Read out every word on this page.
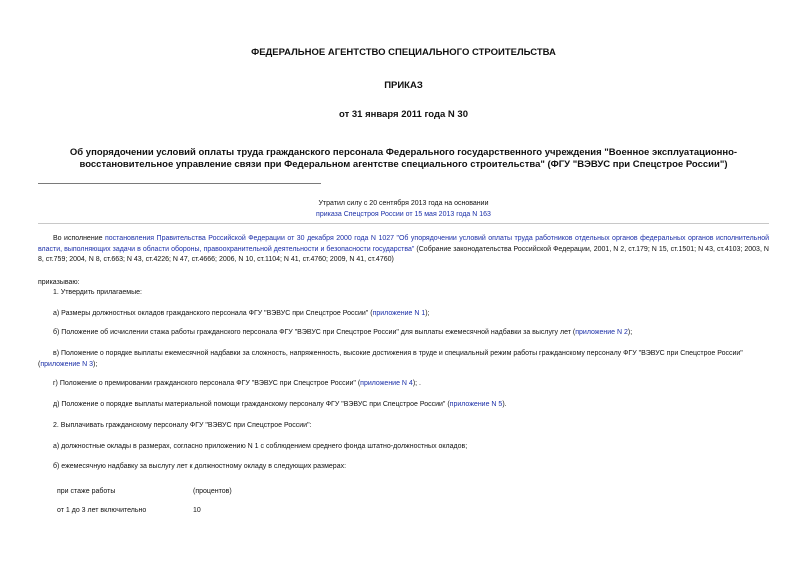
ФЕДЕРАЛЬНОЕ АГЕНТСТВО СПЕЦИАЛЬНОГО СТРОИТЕЛЬСТВА
ПРИКАЗ
от 31 января 2011 года N 30
Об упорядочении условий оплаты труда гражданского персонала Федерального государственного учреждения "Военное эксплуатационно-восстановительное управление связи при Федеральном агентстве специального строительства" (ФГУ "ВЭВУС при Спецстрое России")
Утратил силу с 20 сентября 2013 года на основании
приказа Спецстроя России от 15 мая 2013 года N 163
Во исполнение постановления Правительства Российской Федерации от 30 декабря 2000 года N 1027 "Об упорядочении условий оплаты труда работников отдельных органов федеральных органов исполнительной власти, выполняющих задачи в области обороны, правоохранительной деятельности и безопасности государства" (Собрание законодательства Российской Федерации, 2001, N 2, ст.179; N 15, ст.1501; N 43, ст.4103; 2003, N 8, ст.759; 2004, N 8, ст.663; N 43, ст.4226; N 47, ст.4666; 2006, N 10, ст.1104; N 41, ст.4760; 2009, N 41, ст.4760)
приказываю:
1. Утвердить прилагаемые:
а) Размеры должностных окладов гражданского персонала ФГУ "ВЭВУС при Спецстрое России" (приложение N 1);
б) Положение об исчислении стажа работы гражданского персонала ФГУ "ВЭВУС при Спецстрое России" для выплаты ежемесячной надбавки за выслугу лет (приложение N 2);
в) Положение о порядке выплаты ежемесячной надбавки за сложность, напряженность, высокие достижения в труде и специальный режим работы гражданскому персоналу ФГУ "ВЭВУС при Спецстрое России" (приложение N 3);
г) Положение о премировании гражданского персонала ФГУ "ВЭВУС при Спецстрое России" (приложение N 4); .
д) Положение о порядке выплаты материальной помощи гражданскому персоналу ФГУ "ВЭВУС при Спецстрое России" (приложение N 5).
2. Выплачивать гражданскому персоналу ФГУ "ВЭВУС при Спецстрое России":
а) должностные оклады в размерах, согласно приложению N 1 с соблюдением среднего фонда штатно-должностных окладов;
б) ежемесячную надбавку за выслугу лет к должностному окладу в следующих размерах:
при стаже работы	(процентов)
от 1 до 3 лет включительно	10
